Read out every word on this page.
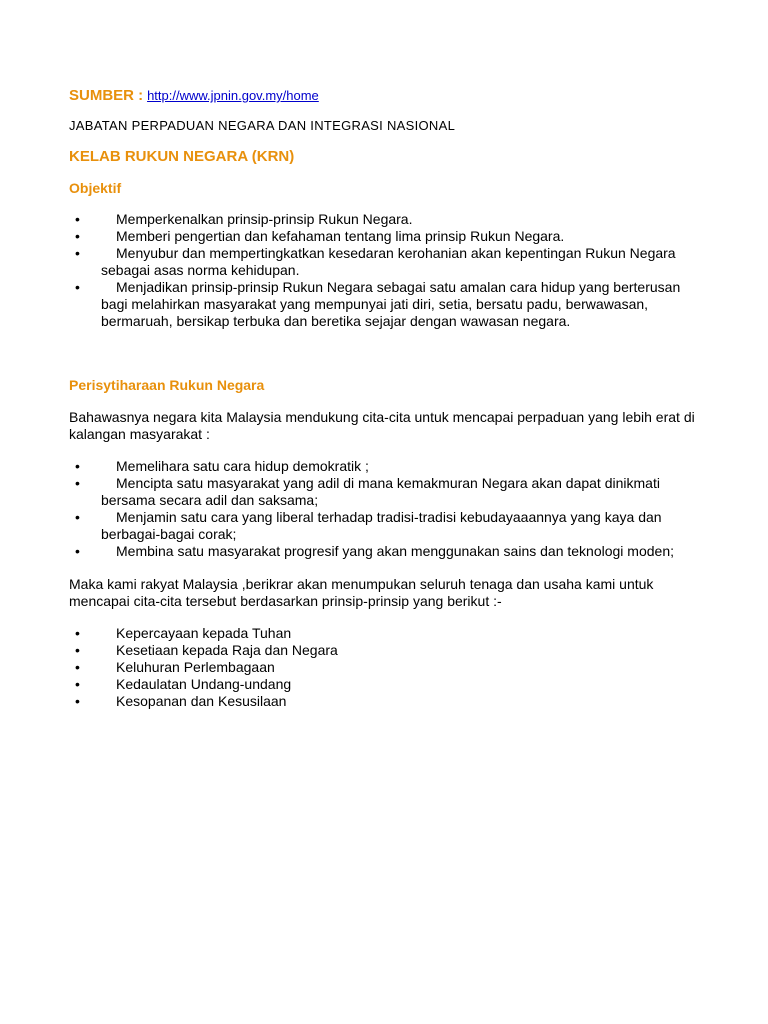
SUMBER : http://www.jpnin.gov.my/home
JABATAN PERPADUAN NEGARA DAN INTEGRASI NASIONAL
KELAB RUKUN NEGARA (KRN)
Objektif
•	Memperkenalkan prinsip-prinsip Rukun Negara.
•	Memberi pengertian dan kefahaman tentang lima prinsip Rukun Negara.
•	Menyubur dan mempertingkatkan kesedaran kerohanian akan kepentingan Rukun Negara sebagai asas norma kehidupan.
•	Menjadikan prinsip-prinsip Rukun Negara sebagai satu amalan cara hidup yang berterusan bagi melahirkan masyarakat yang mempunyai jati diri, setia, bersatu padu, berwawasan, bermaruah, bersikap terbuka dan beretika sejajar dengan wawasan negara.
Perisytiharaan Rukun Negara
Bahawasnya negara kita Malaysia mendukung cita-cita untuk mencapai perpaduan yang lebih erat di kalangan masyarakat :
•	Memelihara satu cara hidup demokratik ;
•	Mencipta satu masyarakat yang adil di mana kemakmuran Negara akan dapat dinikmati bersama secara adil dan saksama;
•	Menjamin satu cara yang liberal terhadap tradisi-tradisi kebudayaaannya yang kaya dan berbagai-bagai corak;
•	Membina satu masyarakat progresif yang akan menggunakan sains dan teknologi moden;
Maka kami rakyat Malaysia ,berikrar akan menumpukan seluruh tenaga dan usaha kami untuk mencapai cita-cita tersebut berdasarkan prinsip-prinsip yang berikut :-
•	Kepercayaan kepada Tuhan
•	Kesetiaan kepada Raja dan Negara
•	Keluhuran Perlembagaan
•	Kedaulatan Undang-undang
•	Kesopanan dan Kesusilaan
